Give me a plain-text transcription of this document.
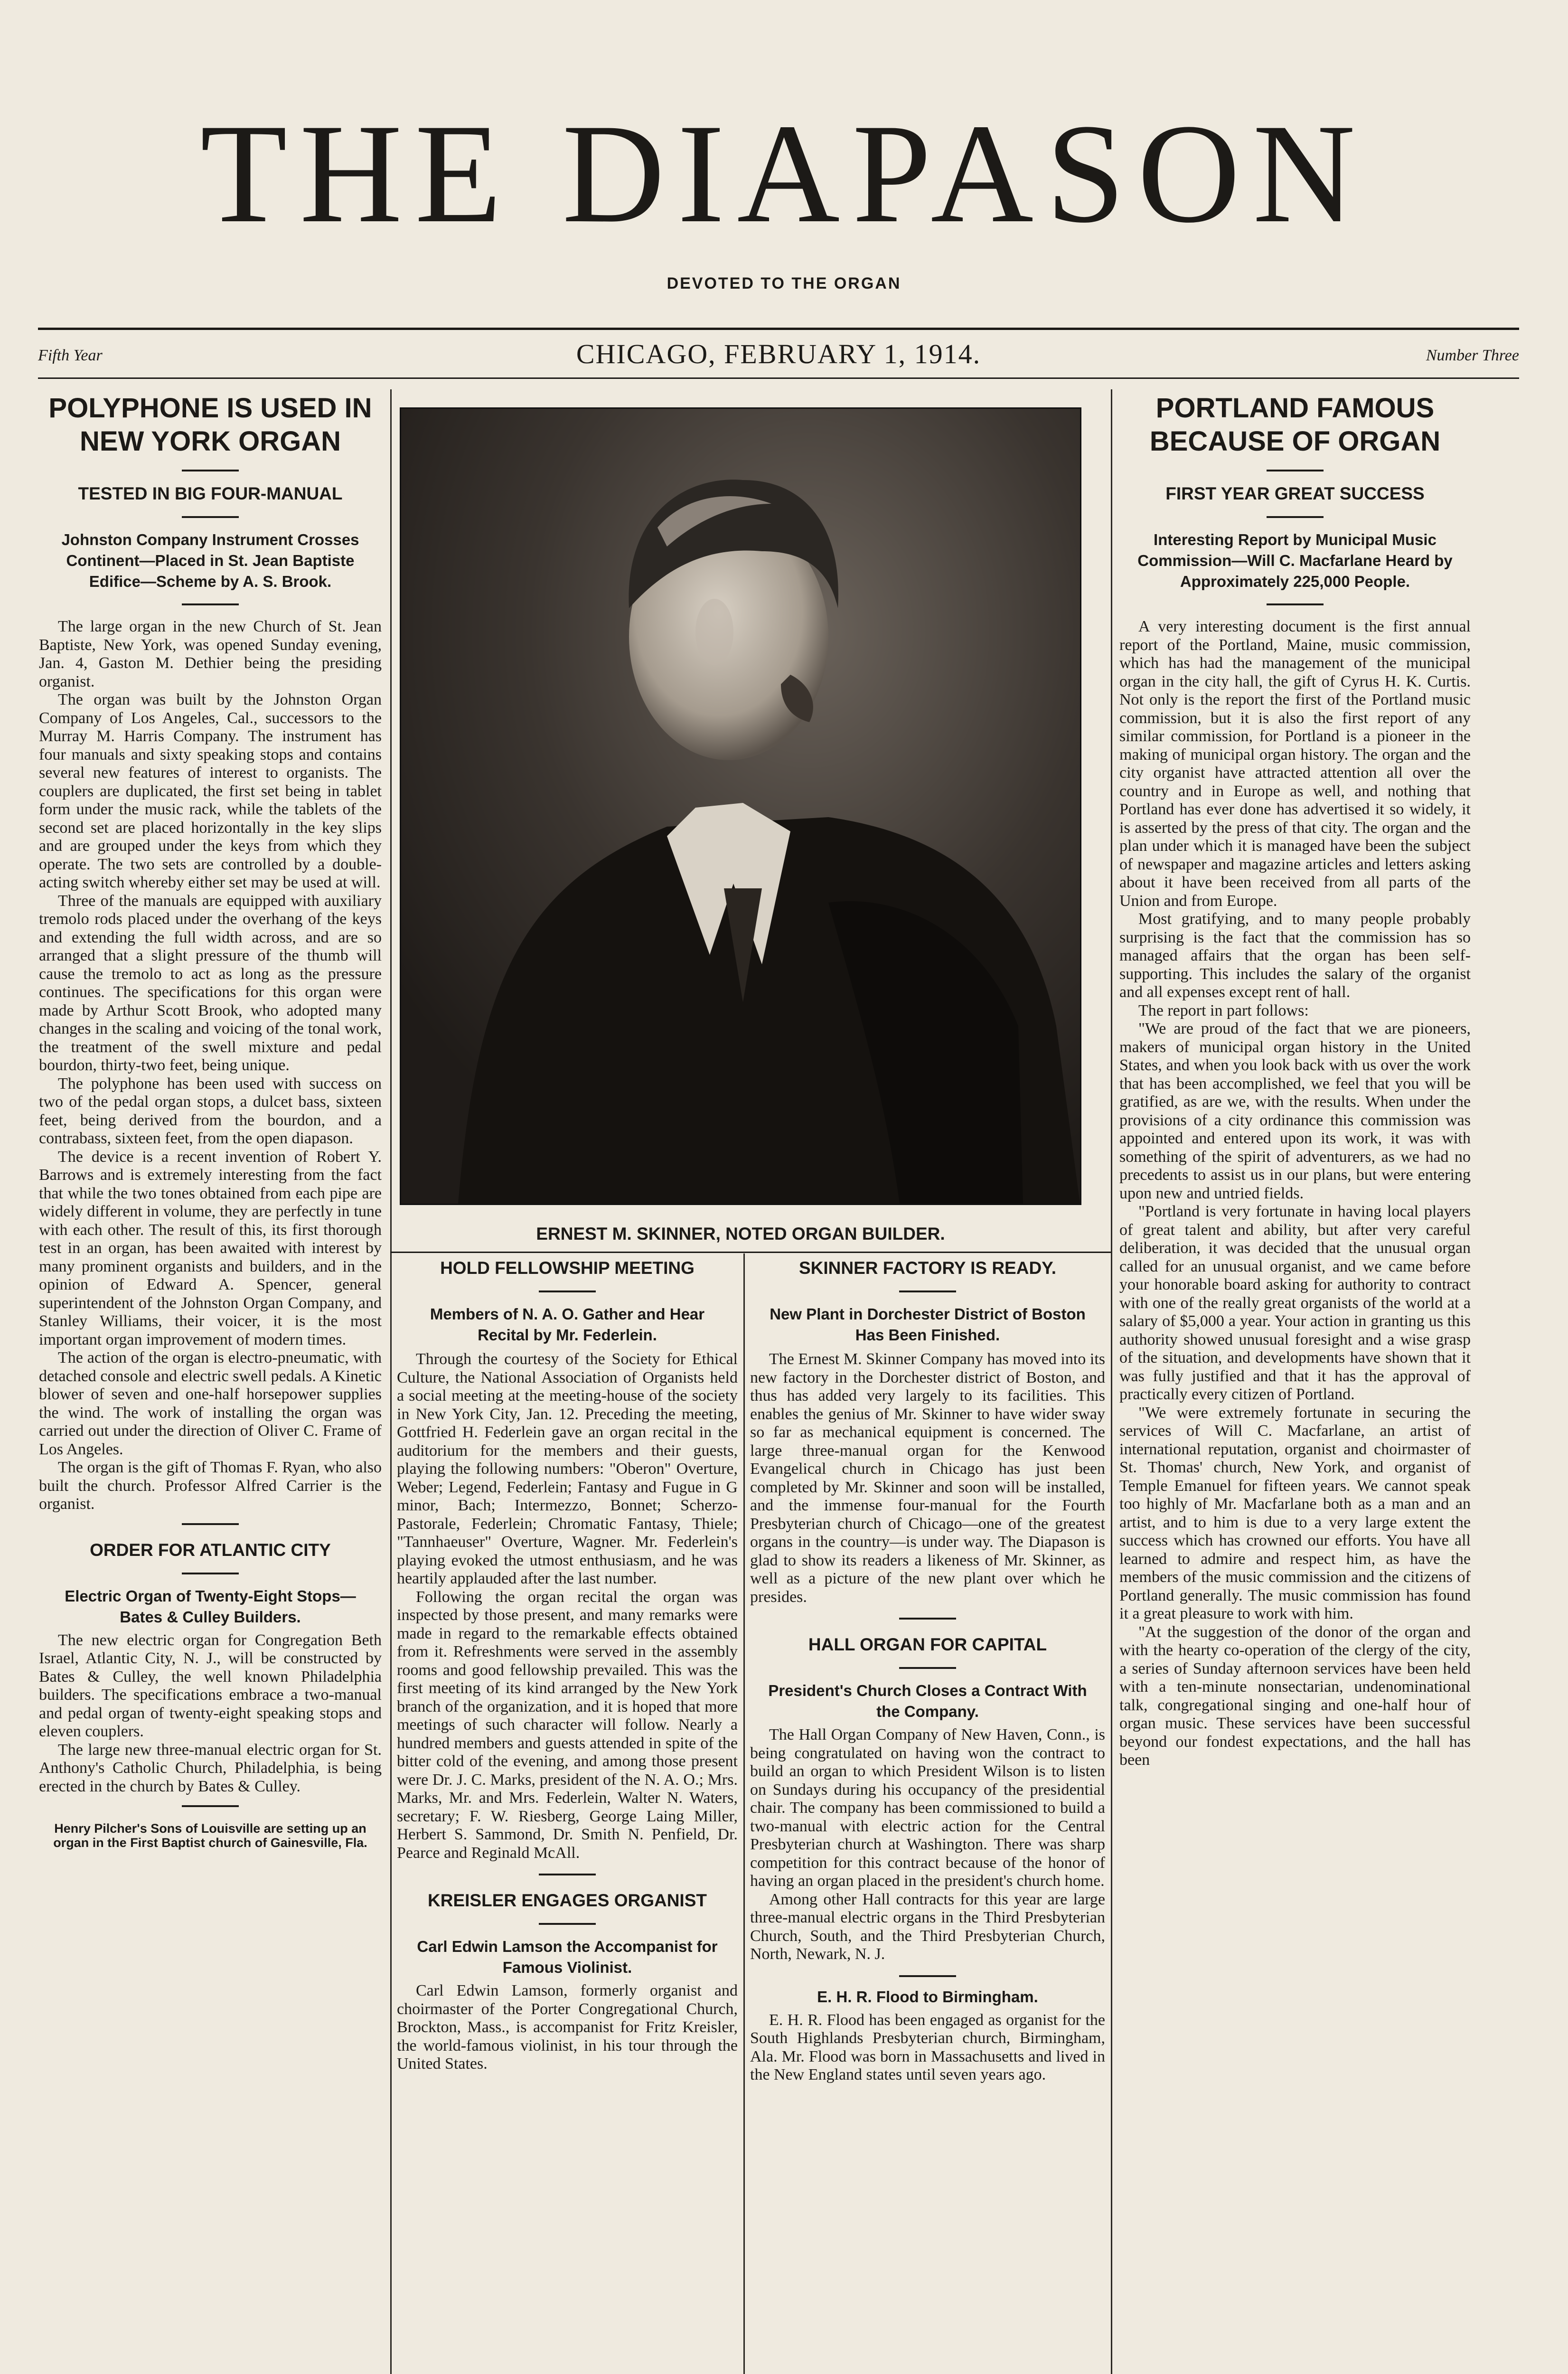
THE DIAPASON
DEVOTED TO THE ORGAN
Fifth Year	CHICAGO, FEBRUARY 1, 1914.	Number Three
POLYPHONE IS USED IN NEW YORK ORGAN
TESTED IN BIG FOUR-MANUAL
Johnston Company Instrument Crosses Continent—Placed in St. Jean Baptiste Edifice—Scheme by A. S. Brook.

The large organ in the new Church of St. Jean Baptiste, New York, was opened Sunday evening, Jan. 4, Gaston M. Dethier being the presiding organist.

The organ was built by the Johnston Organ Company of Los Angeles, Cal., successors to the Murray M. Harris Company. The instrument has four manuals and sixty speaking stops and contains several new features of interest to organists. The couplers are duplicated, the first set being in tablet form under the music rack, while the tablets of the second set are placed horizontally in the key slips and are grouped under the keys from which they operate. The two sets are controlled by a double-acting switch whereby either set may be used at will.

Three of the manuals are equipped with auxiliary tremolo rods placed under the overhang of the keys and extending the full width across, and are so arranged that a slight pressure of the thumb will cause the tremolo to act as long as the pressure continues. The specifications for this organ were made by Arthur Scott Brook, who adopted many changes in the scaling and voicing of the tonal work, the treatment of the swell mixture and pedal bourdon, thirty-two feet, being unique.

The polyphone has been used with success on two of the pedal organ stops, a dulcet bass, sixteen feet, being derived from the bourdon, and a contrabass, sixteen feet, from the open diapason.

The device is a recent invention of Robert Y. Barrows and is extremely interesting from the fact that while the two tones obtained from each pipe are widely different in volume, they are perfectly in tune with each other. The result of this, its first thorough test in an organ, has been awaited with interest by many prominent organists and builders, and in the opinion of Edward A. Spencer, general superintendent of the Johnston Organ Company, and Stanley Williams, their voicer, it is the most important organ improvement of modern times.

The action of the organ is electro-pneumatic, with detached console and electric swell pedals. A Kinetic blower of seven and one-half horsepower supplies the wind. The work of installing the organ was carried out under the direction of Oliver C. Frame of Los Angeles.

The organ is the gift of Thomas F. Ryan, who also built the church. Professor Alfred Carrier is the organist.

ORDER FOR ATLANTIC CITY
Electric Organ of Twenty-Eight Stops—Bates & Culley Builders.

The new electric organ for Congregation Beth Israel, Atlantic City, N. J., will be constructed by Bates & Culley, the well known Philadelphia builders. The specifications embrace a two-manual and pedal organ of twenty-eight speaking stops and eleven couplers.

The large new three-manual electric organ for St. Anthony's Catholic Church, Philadelphia, is being erected in the church by Bates & Culley.

Henry Pilcher's Sons of Louisville are setting up an organ in the First Baptist church of Gainesville, Fla.
ERNEST M. SKINNER, NOTED ORGAN BUILDER.
HOLD FELLOWSHIP MEETING
Members of N. A. O. Gather and Hear Recital by Mr. Federlein.

Through the courtesy of the Society for Ethical Culture, the National Association of Organists held a social meeting at the meeting-house of the society in New York City, Jan. 12. Preceding the meeting, Gottfried H. Federlein gave an organ recital in the auditorium for the members and their guests, playing the following numbers: "Oberon" Overture, Weber; Legend, Federlein; Fantasy and Fugue in G minor, Bach; Intermezzo, Bonnet; Scherzo-Pastorale, Federlein; Chromatic Fantasy, Thiele; "Tannhaeuser" Overture, Wagner. Mr. Federlein's playing evoked the utmost enthusiasm, and he was heartily applauded after the last number.

Following the organ recital the organ was inspected by those present, and many remarks were made in regard to the remarkable effects obtained from it. Refreshments were served in the assembly rooms and good fellowship prevailed. This was the first meeting of its kind arranged by the New York branch of the organization, and it is hoped that more meetings of such character will follow. Nearly a hundred members and guests attended in spite of the bitter cold of the evening, and among those present were Dr. J. C. Marks, president of the N. A. O.; Mrs. Marks, Mr. and Mrs. Federlein, Walter N. Waters, secretary; F. W. Riesberg, George Laing Miller, Herbert S. Sammond, Dr. Smith N. Penfield, Dr. Pearce and Reginald McAll.

KREISLER ENGAGES ORGANIST
Carl Edwin Lamson the Accompanist for Famous Violinist.

Carl Edwin Lamson, formerly organist and choirmaster of the Porter Congregational Church, Brockton, Mass., is accompanist for Fritz Kreisler, the world-famous violinist, in his tour through the United States.

SKINNER FACTORY IS READY.
New Plant in Dorchester District of Boston Has Been Finished.

The Ernest M. Skinner Company has moved into its new factory in the Dorchester district of Boston, and thus has added very largely to its facilities. This enables the genius of Mr. Skinner to have wider sway so far as mechanical equipment is concerned. The large three-manual organ for the Kenwood Evangelical church in Chicago has just been completed by Mr. Skinner and soon will be installed, and the immense four-manual for the Fourth Presbyterian church of Chicago—one of the greatest organs in the country—is under way. The Diapason is glad to show its readers a likeness of Mr. Skinner, as well as a picture of the new plant over which he presides.

HALL ORGAN FOR CAPITAL
President's Church Closes a Contract With the Company.

The Hall Organ Company of New Haven, Conn., is being congratulated on having won the contract to build an organ to which President Wilson is to listen on Sundays during his occupancy of the presidential chair. The company has been commissioned to build a two-manual with electric action for the Central Presbyterian church at Washington. There was sharp competition for this contract because of the honor of having an organ placed in the president's church home.

Among other Hall contracts for this year are large three-manual electric organs in the Third Presbyterian Church, South, and the Third Presbyterian Church, North, Newark, N. J.

E. H. R. Flood to Birmingham.

E. H. R. Flood has been engaged as organist for the South Highlands Presbyterian church, Birmingham, Ala. Mr. Flood was born in Massachusetts and lived in the New England states until seven years ago.

PORTLAND FAMOUS BECAUSE OF ORGAN
FIRST YEAR GREAT SUCCESS
Interesting Report by Municipal Music Commission—Will C. Macfarlane Heard by Approximately 225,000 People.

A very interesting document is the first annual report of the Portland, Maine, music commission, which has had the management of the municipal organ in the city hall, the gift of Cyrus H. K. Curtis. Not only is the report the first of the Portland music commission, but it is also the first report of any similar commission, for Portland is a pioneer in the making of municipal organ history. The organ and the city organist have attracted attention all over the country and in Europe as well, and nothing that Portland has ever done has advertised it so widely, it is asserted by the press of that city. The organ and the plan under which it is managed have been the subject of newspaper and magazine articles and letters asking about it have been received from all parts of the Union and from Europe.

Most gratifying, and to many people probably surprising is the fact that the commission has so managed affairs that the organ has been self-supporting. This includes the salary of the organist and all expenses except rent of hall.

The report in part follows:

"We are proud of the fact that we are pioneers, makers of municipal organ history in the United States, and when you look back with us over the work that has been accomplished, we feel that you will be gratified, as are we, with the results. When under the provisions of a city ordinance this commission was appointed and entered upon its work, it was with something of the spirit of adventurers, as we had no precedents to assist us in our plans, but were entering upon new and untried fields.

"Portland is very fortunate in having local players of great talent and ability, but after very careful deliberation, it was decided that the unusual organ called for an unusual organist, and we came before your honorable board asking for authority to contract with one of the really great organists of the world at a salary of $5,000 a year. Your action in granting us this authority showed unusual foresight and a wise grasp of the situation, and developments have shown that it was fully justified and that it has the approval of practically every citizen of Portland.

"We were extremely fortunate in securing the services of Will C. Macfarlane, an artist of international reputation, organist and choirmaster of St. Thomas' church, New York, and organist of Temple Emanuel for fifteen years. We cannot speak too highly of Mr. Macfarlane both as a man and an artist, and to him is due to a very large extent the success which has crowned our efforts. You have all learned to admire and respect him, as have the members of the music commission and the citizens of Portland generally. The music commission has found it a great pleasure to work with him.

"At the suggestion of the donor of the organ and with the hearty co-operation of the clergy of the city, a series of Sunday afternoon services have been held with a ten-minute nonsectarian, undenominational talk, congregational singing and one-half hour of organ music. These services have been successful beyond our fondest expectations, and the hall has been
